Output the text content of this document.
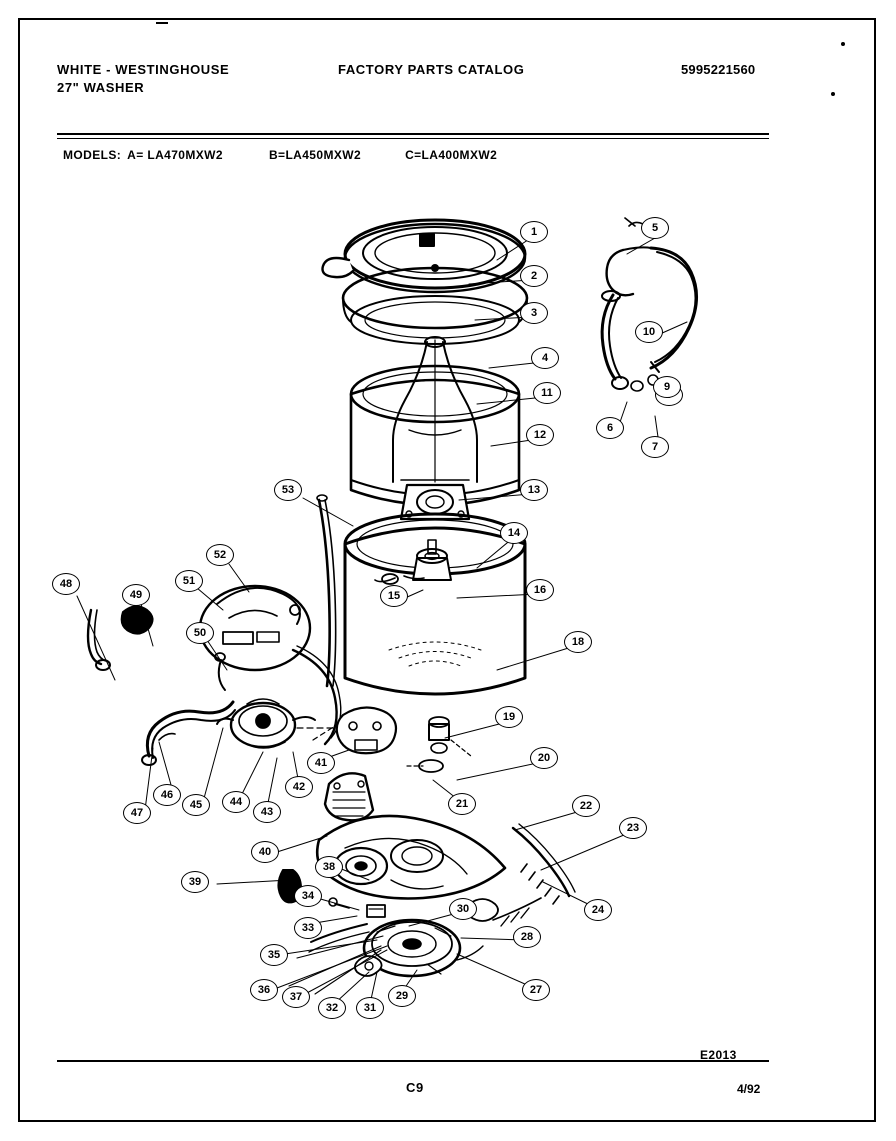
WHITE - WESTINGHOUSE
27" WASHER
FACTORY PARTS CATALOG	5995221560
MODELS: A= LA470MXW2	B=LA450MXW2	C=LA400MXW2
1
2
3
4
5
6
7
9
10
11
12
13
14
15	16
18
19
20
21	22
23
24
27
28
29
30
31
32
33
34
35
36
37
38
39
40
41
42
43
44
45
46
47
48
49
50
51
52
53
E2013
C9	4/92
